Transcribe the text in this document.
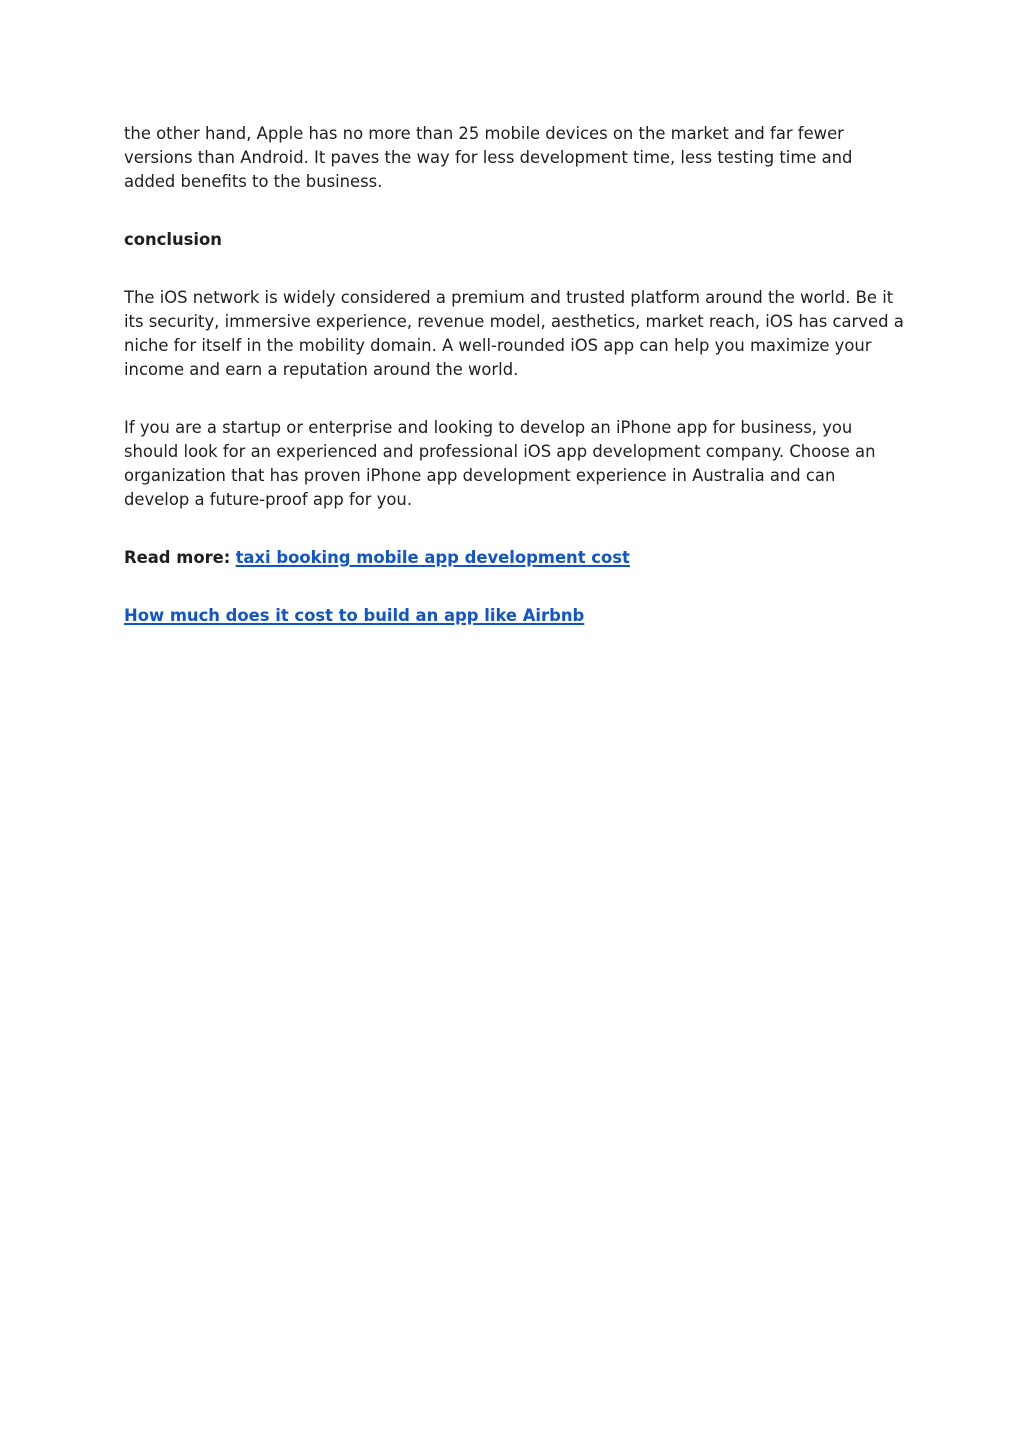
the other hand, Apple has no more than 25 mobile devices on the market and far fewer versions than Android. It paves the way for less development time, less testing time and added benefits to the business.

conclusion

The iOS network is widely considered a premium and trusted platform around the world. Be it its security, immersive experience, revenue model, aesthetics, market reach, iOS has carved a niche for itself in the mobility domain. A well-rounded iOS app can help you maximize your income and earn a reputation around the world.

If you are a startup or enterprise and looking to develop an iPhone app for business, you should look for an experienced and professional iOS app development company. Choose an organization that has proven iPhone app development experience in Australia and can develop a future-proof app for you.

Read more: taxi booking mobile app development cost

How much does it cost to build an app like Airbnb
